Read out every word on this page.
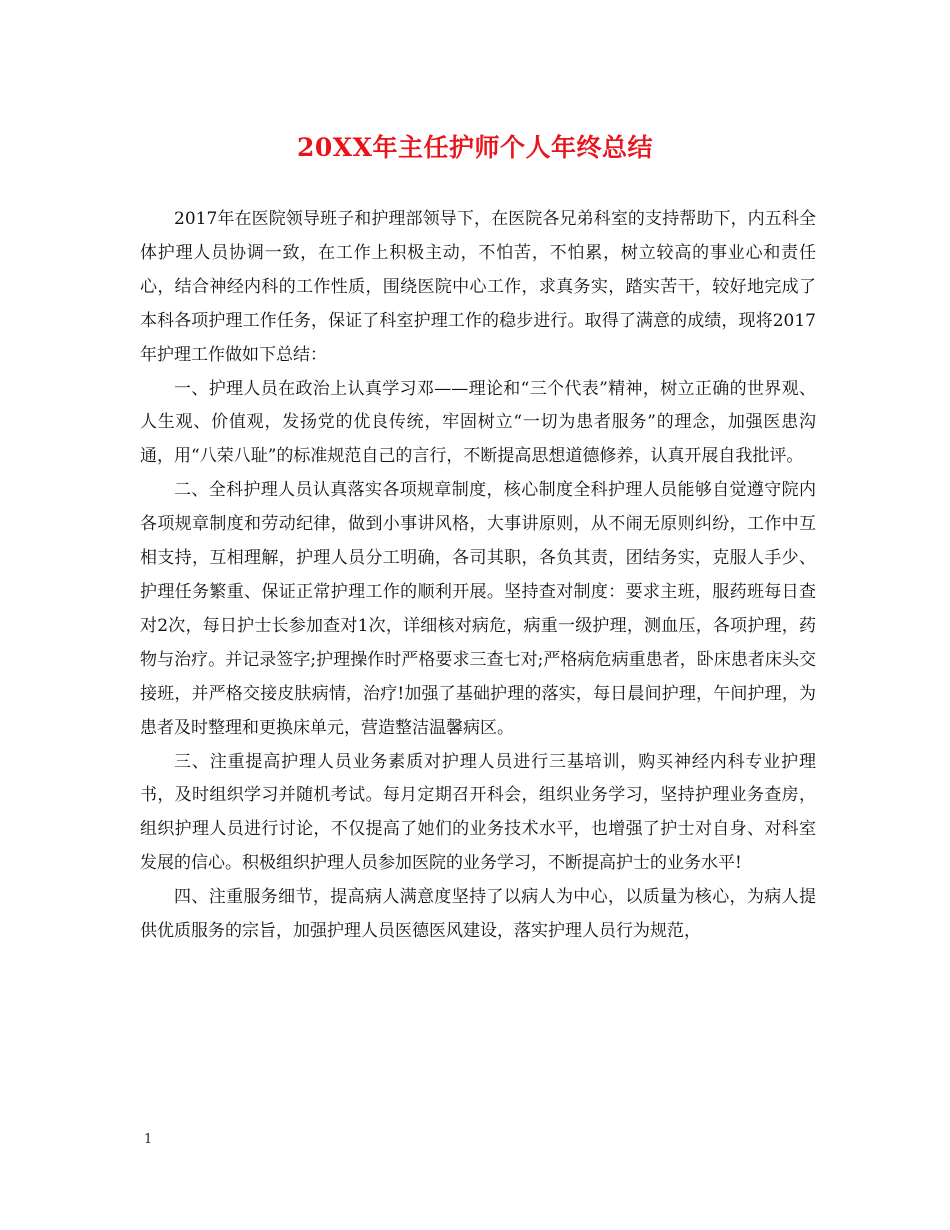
20XX年主任护师个人年终总结

2017年在医院领导班子和护理部领导下，在医院各兄弟科室的支持帮助下，内五科全体护理人员协调一致，在工作上积极主动，不怕苦，不怕累，树立较高的事业心和责任心，结合神经内科的工作性质，围绕医院中心工作，求真务实，踏实苦干，较好地完成了本科各项护理工作任务，保证了科室护理工作的稳步进行。取得了满意的成绩，现将2017年护理工作做如下总结：

一、护理人员在政治上认真学习邓——理论和“三个代表”精神，树立正确的世界观、人生观、价值观，发扬党的优良传统，牢固树立“一切为患者服务”的理念，加强医患沟通，用“八荣八耻”的标准规范自己的言行，不断提高思想道德修养，认真开展自我批评。

二、全科护理人员认真落实各项规章制度，核心制度全科护理人员能够自觉遵守院内各项规章制度和劳动纪律，做到小事讲风格，大事讲原则，从不闹无原则纠纷，工作中互相支持，互相理解，护理人员分工明确，各司其职，各负其责，团结务实，克服人手少、护理任务繁重、保证正常护理工作的顺利开展。坚持查对制度：要求主班，服药班每日查对2次，每日护士长参加查对1次，详细核对病危，病重一级护理，测血压，各项护理，药物与治疗。并记录签字;护理操作时严格要求三查七对;严格病危病重患者，卧床患者床头交接班，并严格交接皮肤病情，治疗!加强了基础护理的落实，每日晨间护理，午间护理，为患者及时整理和更换床单元，营造整洁温馨病区。

三、注重提高护理人员业务素质对护理人员进行三基培训，购买神经内科专业护理书，及时组织学习并随机考试。每月定期召开科会，组织业务学习，坚持护理业务查房，组织护理人员进行讨论，不仅提高了她们的业务技术水平，也增强了护士对自身、对科室发展的信心。积极组织护理人员参加医院的业务学习，不断提高护士的业务水平!

四、注重服务细节，提高病人满意度坚持了以病人为中心，以质量为核心，为病人提供优质服务的宗旨，加强护理人员医德医风建设，落实护理人员行为规范，

1
